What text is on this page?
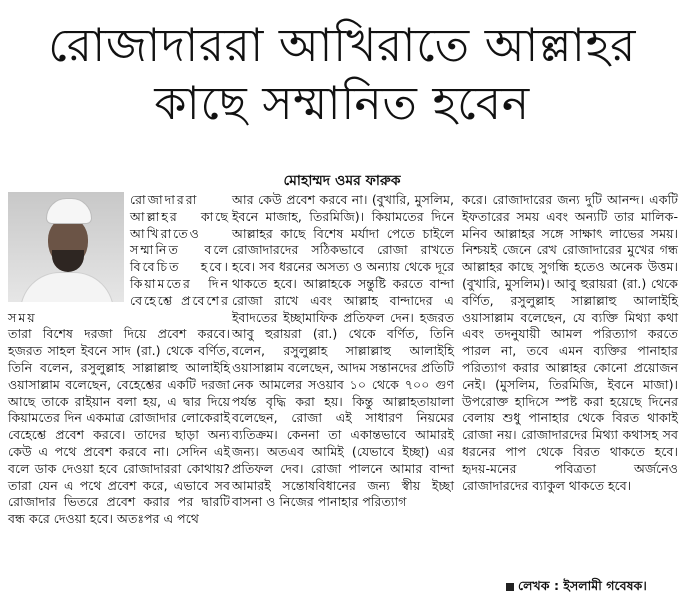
রোজাদাররা আখিরাতে আল্লাহর
কাছে সম্মানিত হবেন
মোহাম্মদ ওমর ফারুক

রোজাদাররা আল্লাহর কাছে আখিরাতেও সম্মানিত বলে বিবেচিত হবে। কিয়ামতের দিন বেহেশ্তে প্রবেশের সময়

তারা বিশেষ দরজা দিয়ে প্রবেশ করবে। হজরত সাহল ইবনে সাদ (রা.) থেকে বর্ণিত, তিনি বলেন, রসুলুল্লাহ সাল্লাল্লাহু আলাইহি ওয়াসাল্লাম বলেছেন, বেহেশ্তের একটি দরজা আছে তাকে রাইয়ান বলা হয়, এ দ্বার দিয়ে কিয়ামতের দিন একমাত্র রোজাদার লোকেরাই বেহেশ্তে প্রবেশ করবে। তাদের ছাড়া অন্য কেউ এ পথে প্রবেশ করবে না। সেদিন এই বলে ডাক দেওয়া হবে রোজাদাররা কোথায়? তারা যেন এ পথে প্রবেশ করে, এভাবে সব রোজাদার ভিতরে প্রবেশ করার পর দ্বারটি বন্ধ করে দেওয়া হবে। অতঃপর এ পথে

আর কেউ প্রবেশ করবে না। (বুখারি, মুসলিম, ইবনে মাজাহ, তিরমিজি)। কিয়ামতের দিনে আল্লাহর কাছে বিশেষ মর্যাদা পেতে চাইলে রোজাদারদের সঠিকভাবে রোজা রাখতে হবে। সব ধরনের অসত্য ও অন্যায় থেকে দূরে থাকতে হবে। আল্লাহকে সন্তুষ্টি করতে বান্দা রোজা রাখে এবং আল্লাহ বান্দাদের এ ইবাদতের ইচ্ছামাফিক প্রতিফল দেন। হজরত আবু হুরায়রা (রা.) থেকে বর্ণিত, তিনি বলেন, রসুলুল্লাহ সাল্লাল্লাহু আলাইহি ওয়াসাল্লাম বলেছেন, আদম সন্তানদের প্রতিটি নেক আমলের সওয়াব ১০ থেকে ৭০০ গুণ পর্যন্ত বৃদ্ধি করা হয়। কিন্তু আল্লাহতায়ালা বলেছেন, রোজা এই সাধারণ নিয়মের ব্যতিক্রম। কেননা তা একান্তভাবে আমারই জন্য। অতএব আমিই (যেভাবে ইচ্ছা) এর প্রতিফল দেব। রোজা পালনে আমার বান্দা আমারই সন্তোষবিধানের জন্য স্বীয় ইচ্ছা বাসনা ও নিজের পানাহার পরিত্যাগ

করে। রোজাদারের জন্য দুটি আনন্দ। একটি ইফতারের সময় এবং অন্যটি তার মালিক-মনিব আল্লাহর সঙ্গে সাক্ষাৎ লাভের সময়। নিশ্চয়ই জেনে রেখ রোজাদারের মুখের গন্ধ আল্লাহর কাছে সুগন্ধি হতেও অনেক উত্তম। (বুখারি, মুসলিম)। আবু হুরায়রা (রা.) থেকে বর্ণিত, রসুলুল্লাহ সাল্লাল্লাহু আলাইহি ওয়াসাল্লাম বলেছেন, যে ব্যক্তি মিথ্যা কথা এবং তদনুযায়ী আমল পরিত্যাগ করতে পারল না, তবে এমন ব্যক্তির পানাহার পরিত্যাগ করার আল্লাহর কোনো প্রয়োজন নেই। (মুসলিম, তিরমিজি, ইবনে মাজা)। উপরোক্ত হাদিসে স্পষ্ট করা হয়েছে দিনের বেলায় শুধু পানাহার থেকে বিরত থাকাই রোজা নয়। রোজাদারদের মিথ্যা কথাসহ সব ধরনের পাপ থেকে বিরত থাকতে হবে। হৃদয়-মনের পবিত্রতা অর্জনেও রোজাদারদের ব্যাকুল থাকতে হবে।

লেখক : ইসলামী গবেষক।
